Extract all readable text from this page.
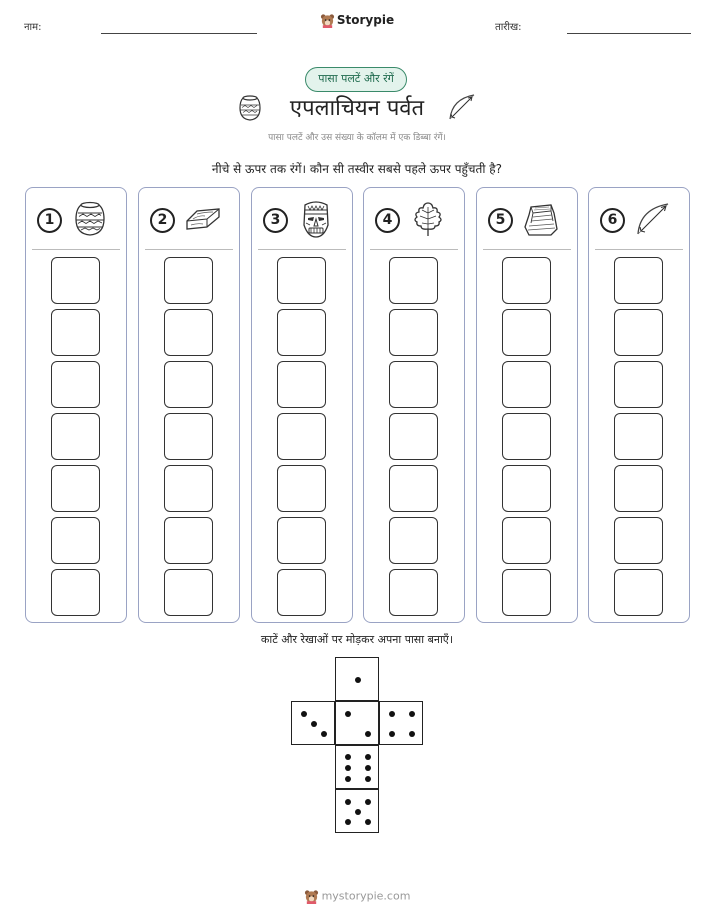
नाम:
Storypie
तारीख:
पासा पलटें और रंगें
एपलाचियन पर्वत
पासा पलटें और उस संख्या के कॉलम में एक डिब्बा रंगें।
नीचे से ऊपर तक रंगें। कौन सी तस्वीर सबसे पहले ऊपर पहुँचती है?
1	2	3	4	5	6
काटें और रेखाओं पर मोड़कर अपना पासा बनाएँ।
mystorypie.com
